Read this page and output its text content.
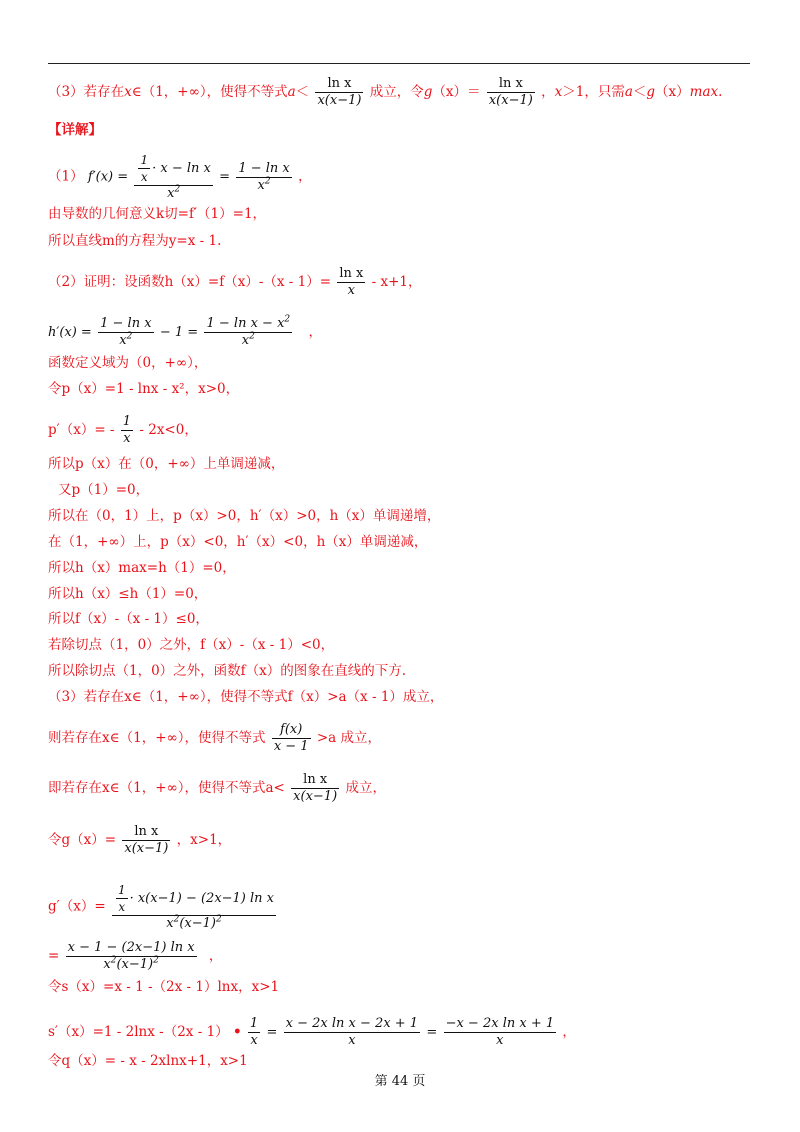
（3）若存在x∈（1，+∞），使得不等式$a< \frac{\text{ln x}}{x(x-1)}$ 成立，令$g(x)= \frac{\text{ln x}}{x(x-1)}$ ，x＞1，只需a＜g（x）max.
【详解】
（1） $f'(x) = \frac{\frac{1}{x} \cdot x - \ln x}{x^2} = \frac{\text{1 − ln x}}{x^2}$ ，
由导数的几何意义k切=f′（1）=1，
所以直线m的方程为y=x - 1.
（2）证明：设函数$h(x)=f(x)-(x - 1)= \frac{\text{ln x}}{x} - x+1$，
$h'(x) = \frac{\text{1 − ln x}}{x^2} - 1 = \frac{1 - \ln x - x^2}{x^2}$ ，
函数定义域为（0，+∞），
令p（x）=1 - lnx - x²，x>0，
$p'(x)= - \frac{1}{x} - 2x<0$，
所以p（x）在（0，+∞）上单调递减，
又p（1）=0，
所以在（0，1）上，p（x）>0，h′（x）>0，h（x）单调递增，
在（1，+∞）上，p（x）<0，h′（x）<0，h（x）单调递减，
所以h（x）max=h（1）=0，
所以h（x）≤h（1）=0，
所以f（x）-（x - 1）≤0，
若除切点（1，0）之外，f（x）-（x - 1）<0，
所以除切点（1，0）之外，函数f（x）的图象在直线的下方.
（3）若存在x∈（1，+∞），使得不等式f（x）>a（x - 1）成立，
则若存在x∈（1，+∞），使得不等式 $\frac{f(x)}{x - 1} >a$ 成立，
即若存在x∈（1，+∞），使得不等式$a< \frac{\text{ln x}}{x(x-1)}$ 成立，
令$g(x)= \frac{\text{ln x}}{x(x-1)}$ ，x>1，
$g'(x)= \frac{\frac{1}{x} \cdot x(x-1) - (2x-1) \ln x}{x^2(x-1)^2}$
= $\frac{\text{x − 1 − (2x−1) ln x}}{x^2(x-1)^2}$ ，
令s（x）=x - 1 -（2x - 1）lnx，x>1
s′（x）=1 - 2lnx -（2x - 1） • $\frac{1}{x} = \frac{\text{x − 2x ln x − 2x + 1}}{x} = \frac{\text{−x − 2x ln x + 1}}{x}$ ，
令q（x）= - x - 2xlnx+1，x>1
第 44 页
